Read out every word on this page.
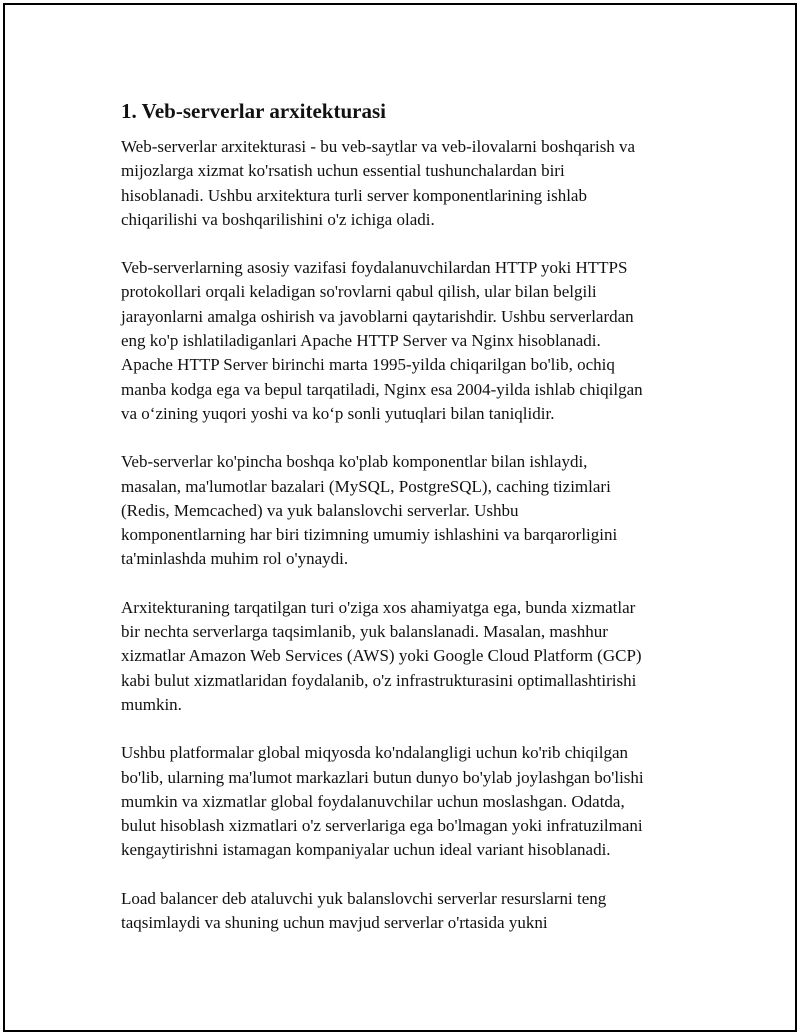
1. Veb-serverlar arxitekturasi

Web-serverlar arxitekturasi - bu veb-saytlar va veb-ilovalarni boshqarish va
mijozlarga xizmat ko'rsatish uchun essential tushunchalardan biri
hisoblanadi. Ushbu arxitektura turli server komponentlarining ishlab
chiqarilishi va boshqarilishini o'z ichiga oladi.

Veb-serverlarning asosiy vazifasi foydalanuvchilardan HTTP yoki HTTPS
protokollari orqali keladigan so'rovlarni qabul qilish, ular bilan belgili
jarayonlarni amalga oshirish va javoblarni qaytarishdir. Ushbu serverlardan
eng ko'p ishlatiladiganlari Apache HTTP Server va Nginx hisoblanadi.
Apache HTTP Server birinchi marta 1995-yilda chiqarilgan bo'lib, ochiq
manba kodga ega va bepul tarqatiladi, Nginx esa 2004-yilda ishlab chiqilgan
va o‘zining yuqori yoshi va ko‘p sonli yutuqlari bilan taniqlidir.

Veb-serverlar ko'pincha boshqa ko'plab komponentlar bilan ishlaydi,
masalan, ma'lumotlar bazalari (MySQL, PostgreSQL), caching tizimlari
(Redis, Memcached) va yuk balanslovchi serverlar. Ushbu
komponentlarning har biri tizimning umumiy ishlashini va barqarorligini
ta'minlashda muhim rol o'ynaydi.

Arxitekturaning tarqatilgan turi o'ziga xos ahamiyatga ega, bunda xizmatlar
bir nechta serverlarga taqsimlanib, yuk balanslanadi. Masalan, mashhur
xizmatlar Amazon Web Services (AWS) yoki Google Cloud Platform (GCP)
kabi bulut xizmatlaridan foydalanib, o'z infrastrukturasini optimallashtirishi
mumkin.

Ushbu platformalar global miqyosda ko'ndalangligi uchun ko'rib chiqilgan
bo'lib, ularning ma'lumot markazlari butun dunyo bo'ylab joylashgan bo'lishi
mumkin va xizmatlar global foydalanuvchilar uchun moslashgan. Odatda,
bulut hisoblash xizmatlari o'z serverlariga ega bo'lmagan yoki infratuzilmani
kengaytirishni istamagan kompaniyalar uchun ideal variant hisoblanadi.

Load balancer deb ataluvchi yuk balanslovchi serverlar resurslarni teng
taqsimlaydi va shuning uchun mavjud serverlar o'rtasida yukni
